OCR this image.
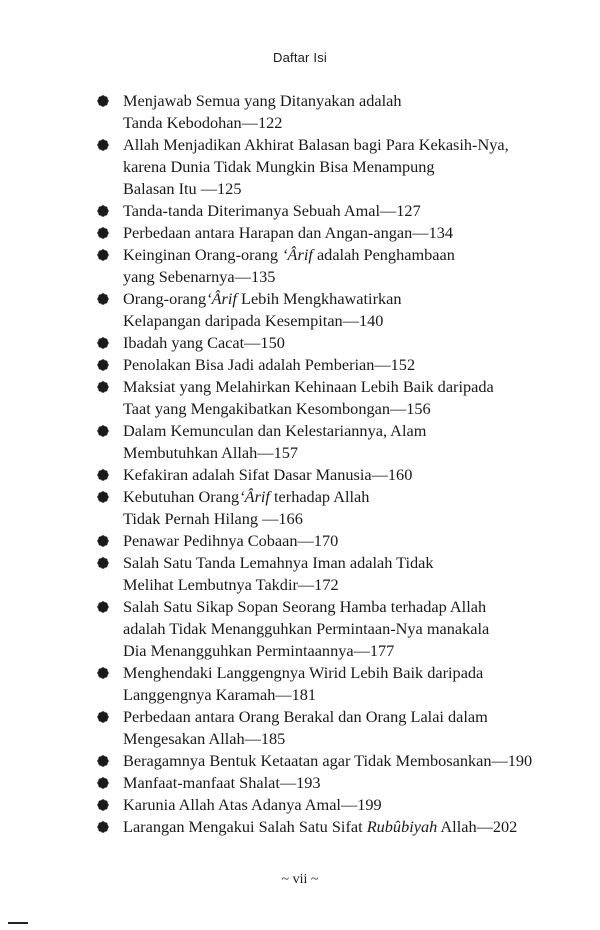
Daftar Isi
Menjawab Semua yang Ditanyakan adalah
Tanda Kebodohan—122
Allah Menjadikan Akhirat Balasan bagi Para Kekasih-Nya,
karena Dunia Tidak Mungkin Bisa Menampung
Balasan Itu —125
Tanda-tanda Diterimanya Sebuah Amal—127
Perbedaan antara Harapan dan Angan-angan—134
Keinginan Orang-orang ‘Ârif adalah Penghambaan
yang Sebenarnya—135
Orang-orang‘Ârif Lebih Mengkhawatirkan
Kelapangan daripada Kesempitan—140
Ibadah yang Cacat—150
Penolakan Bisa Jadi adalah Pemberian—152
Maksiat yang Melahirkan Kehinaan Lebih Baik daripada
Taat yang Mengakibatkan Kesombongan—156
Dalam Kemunculan dan Kelestariannya, Alam
Membutuhkan Allah—157
Kefakiran adalah Sifat Dasar Manusia—160
Kebutuhan Orang‘Ârif terhadap Allah
Tidak Pernah Hilang —166
Penawar Pedihnya Cobaan—170
Salah Satu Tanda Lemahnya Iman adalah Tidak
Melihat Lembutnya Takdir—172
Salah Satu Sikap Sopan Seorang Hamba terhadap Allah
adalah Tidak Menangguhkan Permintaan-Nya manakala
Dia Menangguhkan Permintaannya—177
Menghendaki Langgengnya Wirid Lebih Baik daripada
Langgengnya Karamah—181
Perbedaan antara Orang Berakal dan Orang Lalai dalam
Mengesakan Allah—185
Beragamnya Bentuk Ketaatan agar Tidak Membosankan—190
Manfaat-manfaat Shalat—193
Karunia Allah Atas Adanya Amal—199
Larangan Mengakui Salah Satu Sifat Rubûbiyah Allah—202
~ vii ~
